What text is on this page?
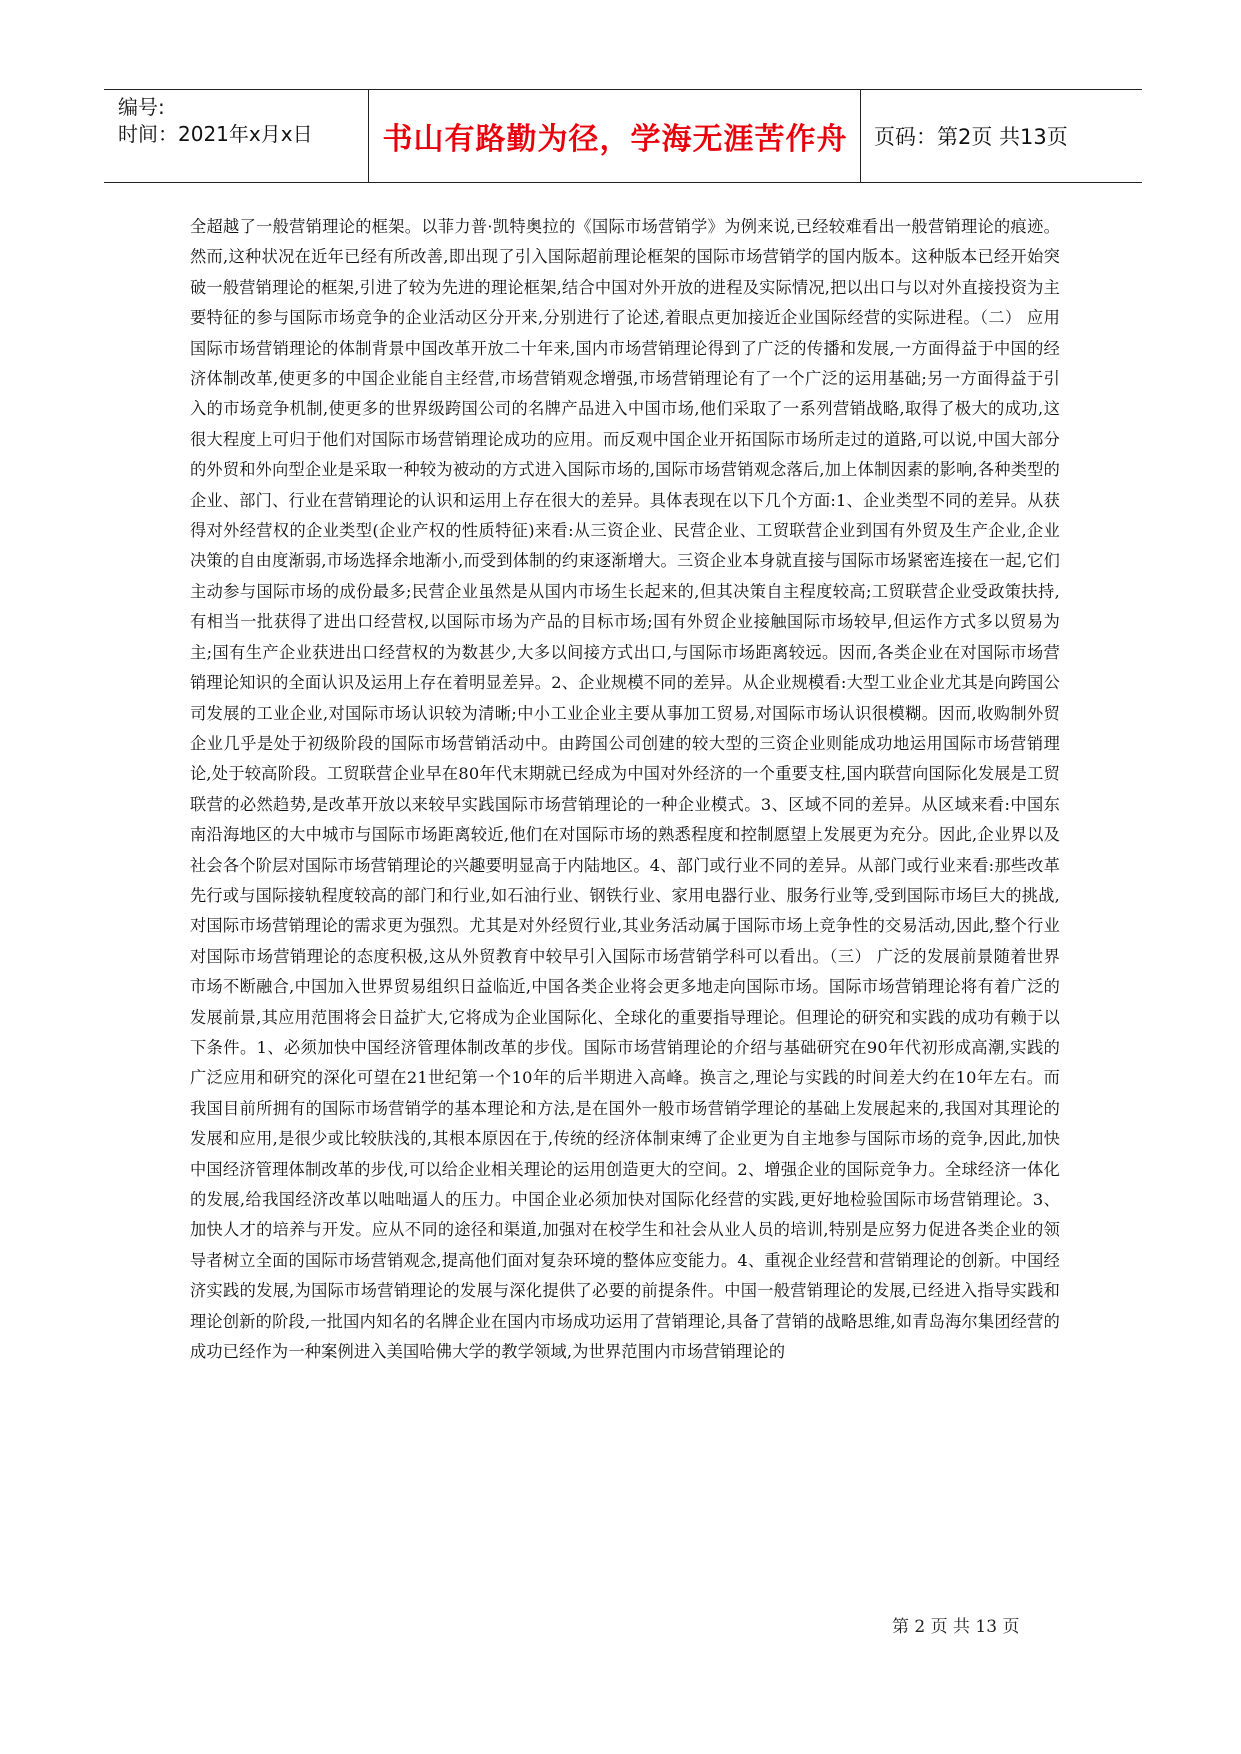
编号:
时间：2021年x月x日	书山有路勤为径，学海无涯苦作舟	页码：第2页 共13页
全超越了一般营销理论的框架。以菲力普·凯特奥拉的《国际市场营销学》为例来说,已经较难看出一般营销理论的痕迹。然而,这种状况在近年已经有所改善,即出现了引入国际超前理论框架的国际市场营销学的国内版本。这种版本已经开始突破一般营销理论的框架,引进了较为先进的理论框架,结合中国对外开放的进程及实际情况,把以出口与以对外直接投资为主要特征的参与国际市场竞争的企业活动区分开来,分别进行了论述,着眼点更加接近企业国际经营的实际进程。（二） 应用国际市场营销理论的体制背景中国改革开放二十年来,国内市场营销理论得到了广泛的传播和发展,一方面得益于中国的经济体制改革,使更多的中国企业能自主经营,市场营销观念增强,市场营销理论有了一个广泛的运用基础;另一方面得益于引入的市场竞争机制,使更多的世界级跨国公司的名牌产品进入中国市场,他们采取了一系列营销战略,取得了极大的成功,这很大程度上可归于他们对国际市场营销理论成功的应用。而反观中国企业开拓国际市场所走过的道路,可以说,中国大部分的外贸和外向型企业是采取一种较为被动的方式进入国际市场的,国际市场营销观念落后,加上体制因素的影响,各种类型的企业、部门、行业在营销理论的认识和运用上存在很大的差异。具体表现在以下几个方面:1、企业类型不同的差异。从获得对外经营权的企业类型(企业产权的性质特征)来看:从三资企业、民营企业、工贸联营企业到国有外贸及生产企业,企业决策的自由度渐弱,市场选择余地渐小,而受到体制的约束逐渐增大。三资企业本身就直接与国际市场紧密连接在一起,它们主动参与国际市场的成份最多;民营企业虽然是从国内市场生长起来的,但其决策自主程度较高;工贸联营企业受政策扶持,有相当一批获得了进出口经营权,以国际市场为产品的目标市场;国有外贸企业接触国际市场较早,但运作方式多以贸易为主;国有生产企业获进出口经营权的为数甚少,大多以间接方式出口,与国际市场距离较远。因而,各类企业在对国际市场营销理论知识的全面认识及运用上存在着明显差异。2、企业规模不同的差异。从企业规模看:大型工业企业尤其是向跨国公司发展的工业企业,对国际市场认识较为清晰;中小工业企业主要从事加工贸易,对国际市场认识很模糊。因而,收购制外贸企业几乎是处于初级阶段的国际市场营销活动中。由跨国公司创建的较大型的三资企业则能成功地运用国际市场营销理论,处于较高阶段。工贸联营企业早在80年代末期就已经成为中国对外经济的一个重要支柱,国内联营向国际化发展是工贸联营的必然趋势,是改革开放以来较早实践国际市场营销理论的一种企业模式。3、区域不同的差异。从区域来看:中国东南沿海地区的大中城市与国际市场距离较近,他们在对国际市场的熟悉程度和控制愿望上发展更为充分。因此,企业界以及社会各个阶层对国际市场营销理论的兴趣要明显高于内陆地区。4、部门或行业不同的差异。从部门或行业来看:那些改革先行或与国际接轨程度较高的部门和行业,如石油行业、钢铁行业、家用电器行业、服务行业等,受到国际市场巨大的挑战,对国际市场营销理论的需求更为强烈。尤其是对外经贸行业,其业务活动属于国际市场上竞争性的交易活动,因此,整个行业对国际市场营销理论的态度积极,这从外贸教育中较早引入国际市场营销学科可以看出。（三） 广泛的发展前景随着世界市场不断融合,中国加入世界贸易组织日益临近,中国各类企业将会更多地走向国际市场。国际市场营销理论将有着广泛的发展前景,其应用范围将会日益扩大,它将成为企业国际化、全球化的重要指导理论。但理论的研究和实践的成功有赖于以下条件。1、必须加快中国经济管理体制改革的步伐。国际市场营销理论的介绍与基础研究在90年代初形成高潮,实践的广泛应用和研究的深化可望在21世纪第一个10年的后半期进入高峰。换言之,理论与实践的时间差大约在10年左右。而我国目前所拥有的国际市场营销学的基本理论和方法,是在国外一般市场营销学理论的基础上发展起来的,我国对其理论的发展和应用,是很少或比较肤浅的,其根本原因在于,传统的经济体制束缚了企业更为自主地参与国际市场的竞争,因此,加快中国经济管理体制改革的步伐,可以给企业相关理论的运用创造更大的空间。2、增强企业的国际竞争力。全球经济一体化的发展,给我国经济改革以咄咄逼人的压力。中国企业必须加快对国际化经营的实践,更好地检验国际市场营销理论。3、加快人才的培养与开发。应从不同的途径和渠道,加强对在校学生和社会从业人员的培训,特别是应努力促进各类企业的领导者树立全面的国际市场营销观念,提高他们面对复杂环境的整体应变能力。4、重视企业经营和营销理论的创新。中国经济实践的发展,为国际市场营销理论的发展与深化提供了必要的前提条件。中国一般营销理论的发展,已经进入指导实践和理论创新的阶段,一批国内知名的名牌企业在国内市场成功运用了营销理论,具备了营销的战略思维,如青岛海尔集团经营的成功已经作为一种案例进入美国哈佛大学的教学领域,为世界范围内市场营销理论的
第 2 页 共 13 页
